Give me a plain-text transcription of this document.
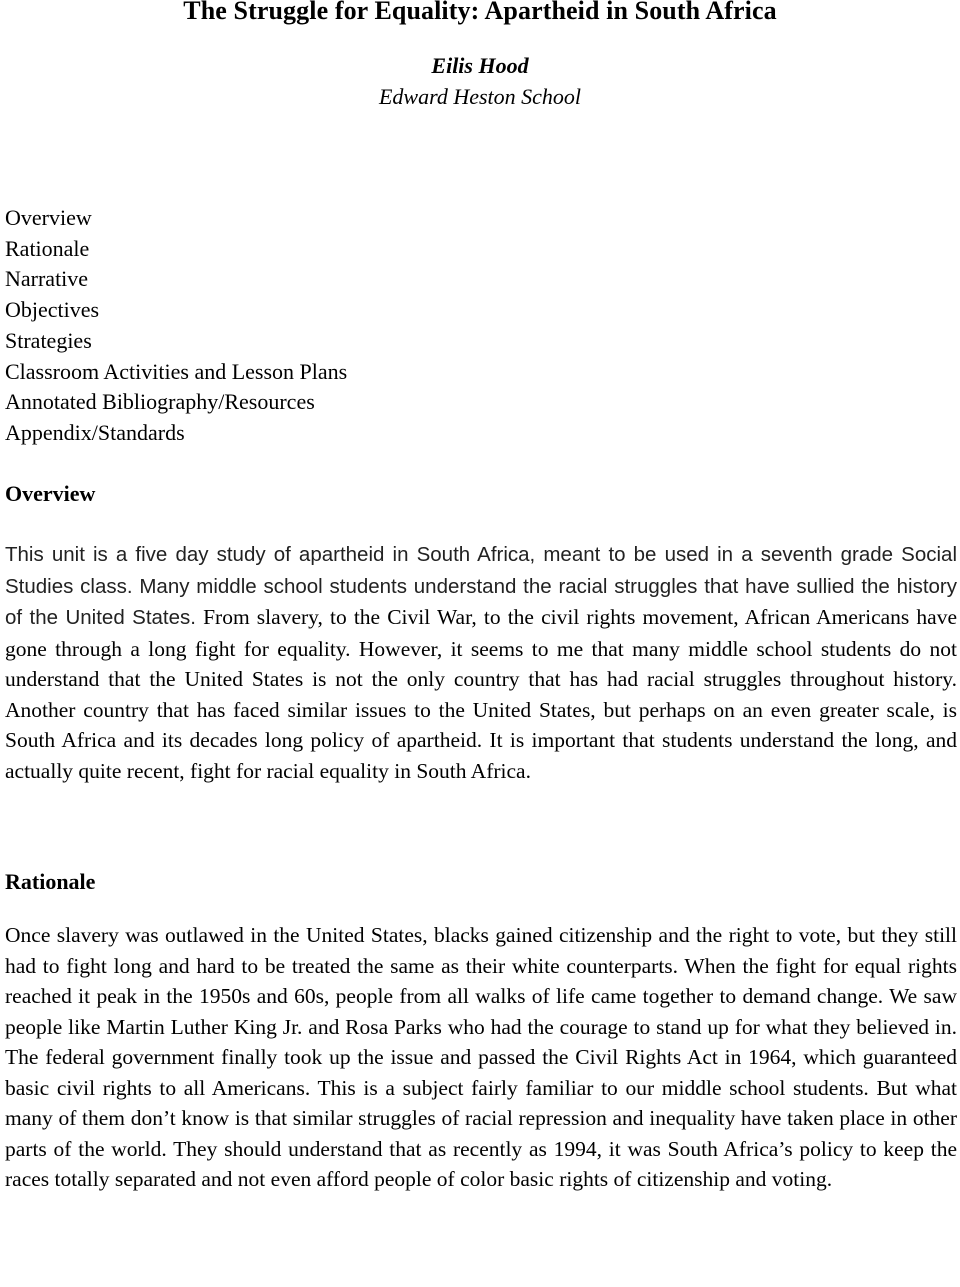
The Struggle for Equality: Apartheid in South Africa
Eilis Hood
Edward Heston School
Overview
Rationale
Narrative
Objectives
Strategies
Classroom Activities and Lesson Plans
Annotated Bibliography/Resources
Appendix/Standards
Overview

This unit is a five day study of apartheid in South Africa, meant to be used in a seventh grade Social Studies class. Many middle school students understand the racial struggles that have sullied the history of the United States. From slavery, to the Civil War, to the civil rights movement, African Americans have gone through a long fight for equality. However, it seems to me that many middle school students do not understand that the United States is not the only country that has had racial struggles throughout history. Another country that has faced similar issues to the United States, but perhaps on an even greater scale, is South Africa and its decades long policy of apartheid. It is important that students understand the long, and actually quite recent, fight for racial equality in South Africa.

Rationale

Once slavery was outlawed in the United States, blacks gained citizenship and the right to vote, but they still had to fight long and hard to be treated the same as their white counterparts. When the fight for equal rights reached it peak in the 1950s and 60s, people from all walks of life came together to demand change. We saw people like Martin Luther King Jr. and Rosa Parks who had the courage to stand up for what they believed in. The federal government finally took up the issue and passed the Civil Rights Act in 1964, which guaranteed basic civil rights to all Americans. This is a subject fairly familiar to our middle school students. But what many of them don’t know is that similar struggles of racial repression and inequality have taken place in other parts of the world. They should understand that as recently as 1994, it was South Africa’s policy to keep the races totally separated and not even afford people of color basic rights of citizenship and voting.
